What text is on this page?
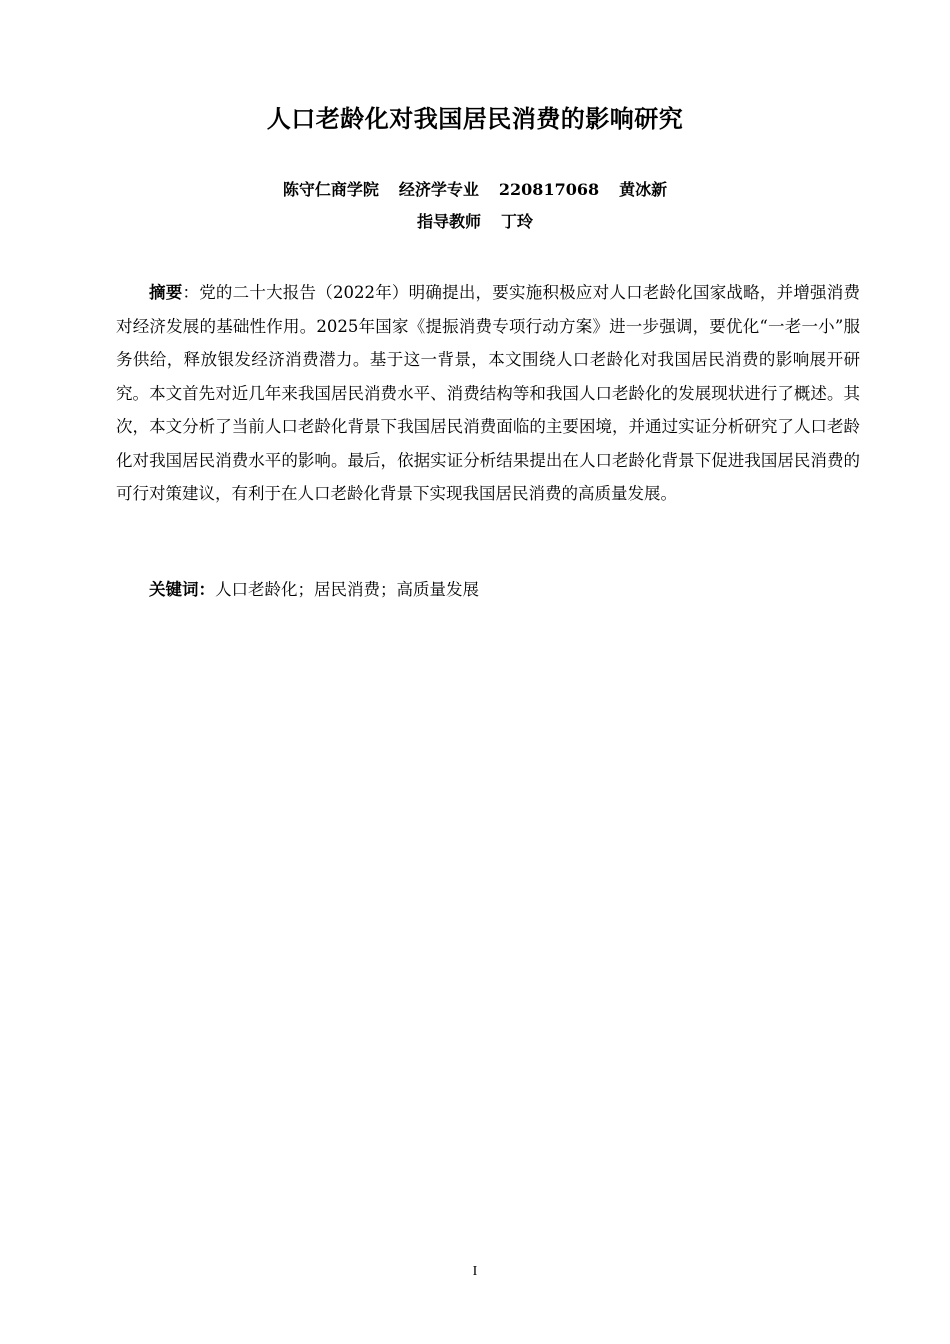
人口老龄化对我国居民消费的影响研究
陈守仁商学院 经济学专业 220817068 黄冰新
指导教师 丁玲

摘要：党的二十大报告（2022年）明确提出，要实施积极应对人口老龄化国家战略，并增强消费对经济发展的基础性作用。2025年国家《提振消费专项行动方案》进一步强调，要优化“一老一小”服务供给，释放银发经济消费潜力。基于这一背景，本文围绕人口老龄化对我国居民消费的影响展开研究。本文首先对近几年来我国居民消费水平、消费结构等和我国人口老龄化的发展现状进行了概述。其次，本文分析了当前人口老龄化背景下我国居民消费面临的主要困境，并通过实证分析研究了人口老龄化对我国居民消费水平的影响。最后，依据实证分析结果提出在人口老龄化背景下促进我国居民消费的可行对策建议，有利于在人口老龄化背景下实现我国居民消费的高质量发展。

关键词：人口老龄化；居民消费；高质量发展

I
